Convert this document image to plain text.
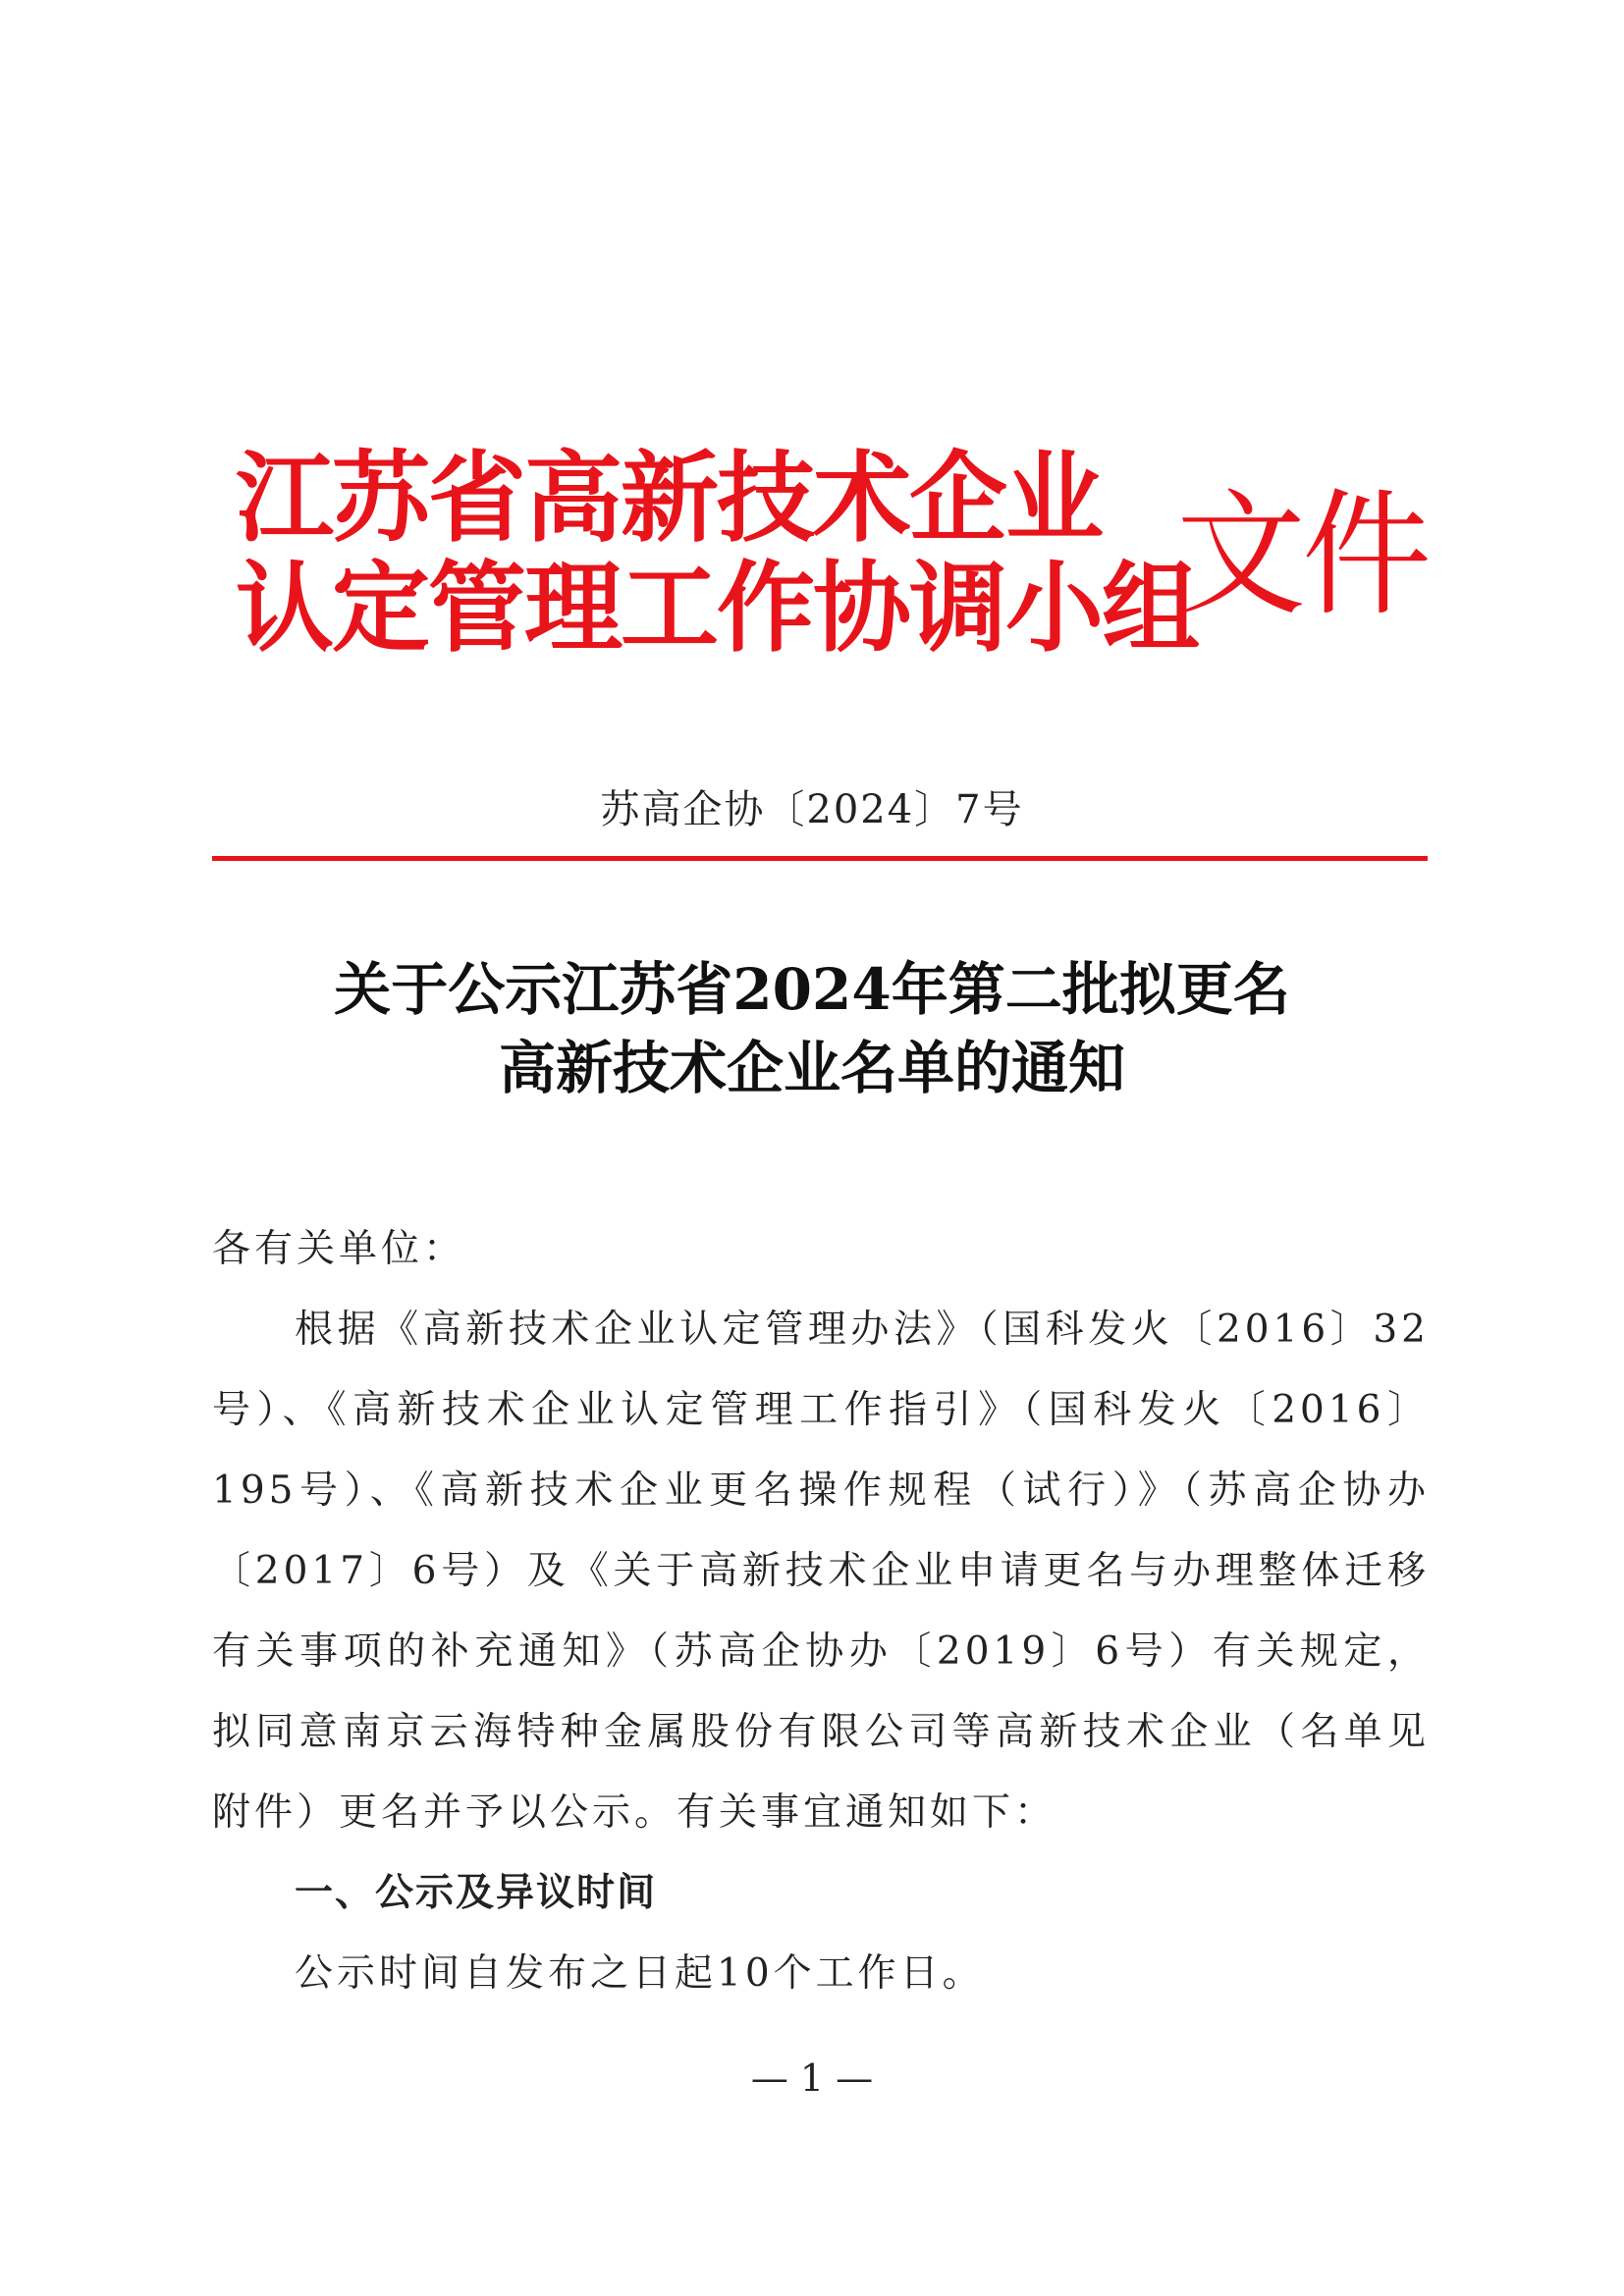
江苏省高新技术企业
认定管理工作协调小组
文件
苏高企协〔2024〕7号
关于公示江苏省2024年第二批拟更名
高新技术企业名单的通知

各有关单位：

根据《高新技术企业认定管理办法》（国科发火〔2016〕32号）、《高新技术企业认定管理工作指引》（国科发火〔2016〕195号）、《高新技术企业更名操作规程（试行）》（苏高企协办〔2017〕6号）及《关于高新技术企业申请更名与办理整体迁移有关事项的补充通知》（苏高企协办〔2019〕6号）有关规定，拟同意南京云海特种金属股份有限公司等高新技术企业（名单见附件）更名并予以公示。有关事宜通知如下：

一、公示及异议时间

公示时间自发布之日起10个工作日。

— 1 —
